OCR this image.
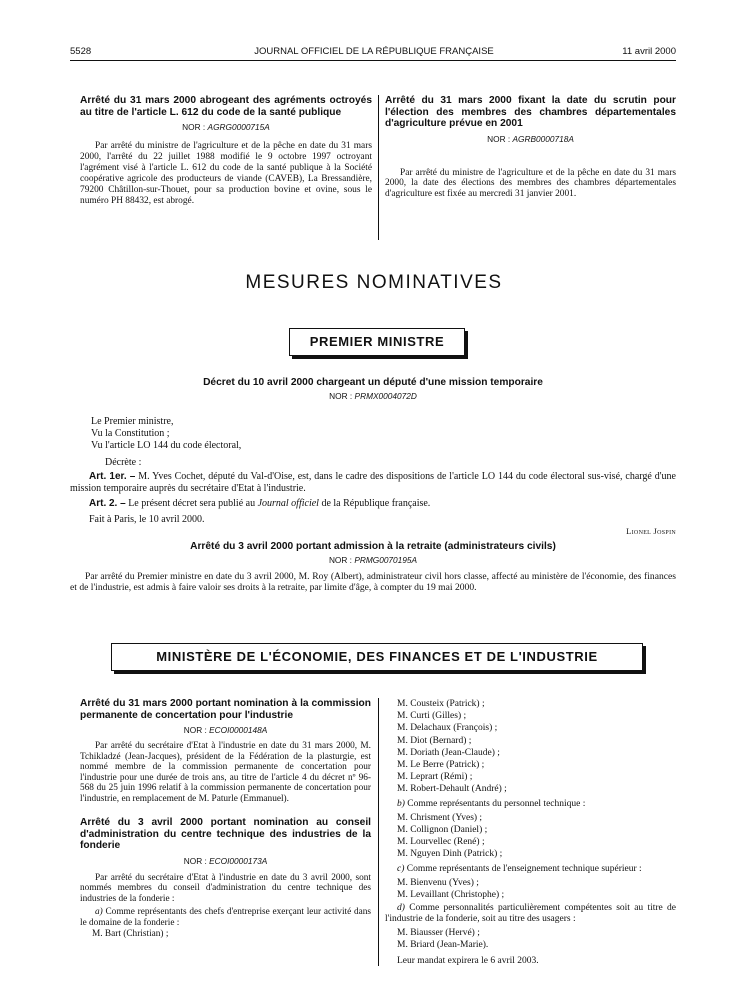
5528	JOURNAL OFFICIEL DE LA RÉPUBLIQUE FRANÇAISE	11 avril 2000
Arrêté du 31 mars 2000 abrogeant des agréments octroyés au titre de l'article L. 612 du code de la santé publique
NOR : AGRG0000715A
Par arrêté du ministre de l'agriculture et de la pêche en date du 31 mars 2000, l'arrêté du 22 juillet 1988 modifié le 9 octobre 1997 octroyant l'agrément visé à l'article L. 612 du code de la santé publique à la Société coopérative agricole des producteurs de viande (CAVEB), La Bressandière, 79200 Châtillon-sur-Thouet, pour sa production bovine et ovine, sous le numéro PH 88432, est abrogé.
Arrêté du 31 mars 2000 fixant la date du scrutin pour l'élection des membres des chambres départementales d'agriculture prévue en 2001
NOR : AGRB0000718A
Par arrêté du ministre de l'agriculture et de la pêche en date du 31 mars 2000, la date des élections des membres des chambres départementales d'agriculture est fixée au mercredi 31 janvier 2001.
MESURES NOMINATIVES
PREMIER MINISTRE
Décret du 10 avril 2000 chargeant un député d'une mission temporaire
NOR : PRMX0004072D
Le Premier ministre,
Vu la Constitution ;
Vu l'article LO 144 du code électoral,
Décrète :
Art. 1er. – M. Yves Cochet, député du Val-d'Oise, est, dans le cadre des dispositions de l'article LO 144 du code électoral sus-visé, chargé d'une mission temporaire auprès du secrétaire d'Etat à l'industrie.
Art. 2. – Le présent décret sera publié au Journal officiel de la République française.
Fait à Paris, le 10 avril 2000.
Lionel Jospin
Arrêté du 3 avril 2000 portant admission à la retraite (administrateurs civils)
NOR : PRMG0070195A
Par arrêté du Premier ministre en date du 3 avril 2000, M. Roy (Albert), administrateur civil hors classe, affecté au ministère de l'économie, des finances et de l'industrie, est admis à faire valoir ses droits à la retraite, par limite d'âge, à compter du 19 mai 2000.
MINISTÈRE DE L'ÉCONOMIE, DES FINANCES ET DE L'INDUSTRIE
Arrêté du 31 mars 2000 portant nomination à la commission permanente de concertation pour l'industrie
NOR : ECOI0000148A
Par arrêté du secrétaire d'Etat à l'industrie en date du 31 mars 2000, M. Tchikladzé (Jean-Jacques), président de la Fédération de la plasturgie, est nommé membre de la commission permanente de concertation pour l'industrie pour une durée de trois ans, au titre de l'article 4 du décret nº 96-568 du 25 juin 1996 relatif à la commission permanente de concertation pour l'industrie, en remplacement de M. Paturle (Emmanuel).
Arrêté du 3 avril 2000 portant nomination au conseil d'administration du centre technique des industries de la fonderie
NOR : ECOI0000173A
Par arrêté du secrétaire d'Etat à l'industrie en date du 3 avril 2000, sont nommés membres du conseil d'administration du centre technique des industries de la fonderie :
a) Comme représentants des chefs d'entreprise exerçant leur activité dans le domaine de la fonderie :
M. Bart (Christian) ;

M. Cousteix (Patrick) ;

M. Curti (Gilles) ;

M. Delachaux (François) ;

M. Diot (Bernard) ;

M. Doriath (Jean-Claude) ;

M. Le Berre (Patrick) ;

M. Leprart (Rémi) ;

M. Robert-Dehault (André) ;

b) Comme représentants du personnel technique :

M. Chrisment (Yves) ;

M. Collignon (Daniel) ;

M. Lourvellec (René) ;

M. Nguyen Dinh (Patrick) ;

c) Comme représentants de l'enseignement technique supérieur :

M. Bienvenu (Yves) ;

M. Levaillant (Christophe) ;

d) Comme personnalités particulièrement compétentes soit au titre de l'industrie de la fonderie, soit au titre des usagers :

M. Biausser (Hervé) ;

M. Briard (Jean-Marie).

Leur mandat expirera le 6 avril 2003.
